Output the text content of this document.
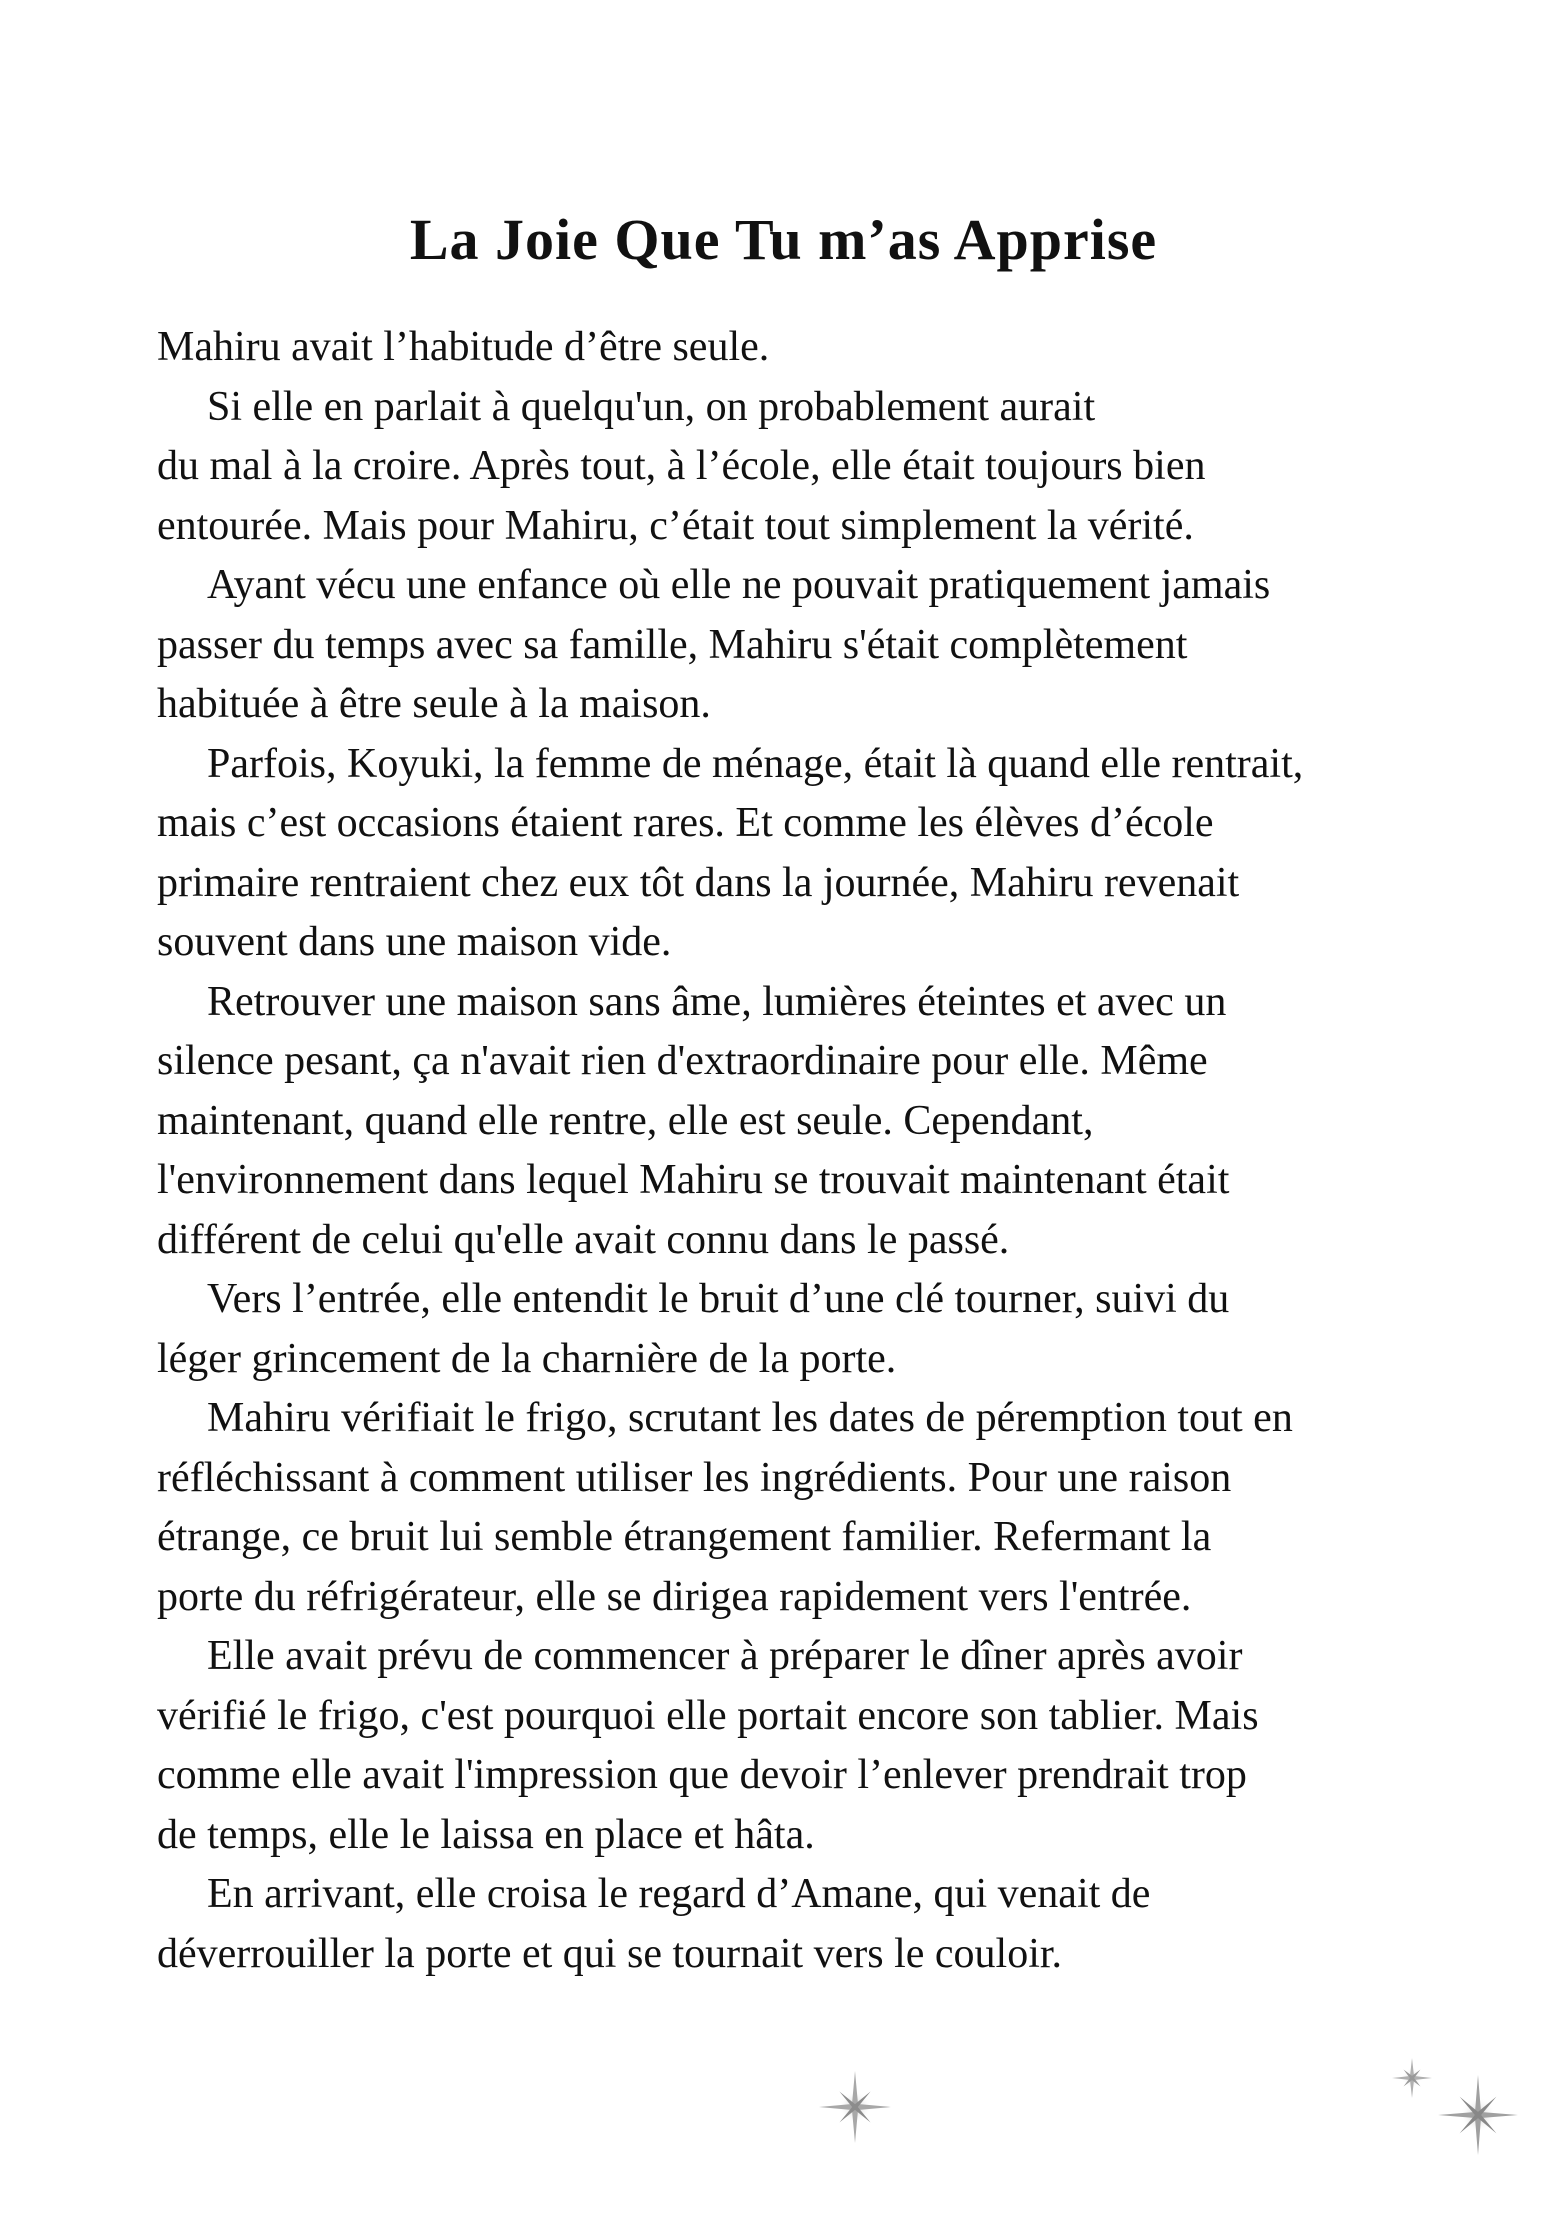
La Joie Que Tu m’as Apprise
Mahiru avait l’habitude d’être seule.
Si elle en parlait à quelqu'un, on probablement aurait
du mal à la croire. Après tout, à l’école, elle était toujours bien
entourée. Mais pour Mahiru, c’était tout simplement la vérité.
Ayant vécu une enfance où elle ne pouvait pratiquement jamais
passer du temps avec sa famille, Mahiru s'était complètement
habituée à être seule à la maison.
Parfois, Koyuki, la femme de ménage, était là quand elle rentrait,
mais c’est occasions étaient rares. Et comme les élèves d’école
primaire rentraient chez eux tôt dans la journée, Mahiru revenait
souvent dans une maison vide.
Retrouver une maison sans âme, lumières éteintes et avec un
silence pesant, ça n'avait rien d'extraordinaire pour elle. Même
maintenant, quand elle rentre, elle est seule. Cependant,
l'environnement dans lequel Mahiru se trouvait maintenant était
différent de celui qu'elle avait connu dans le passé.
Vers l’entrée, elle entendit le bruit d’une clé tourner, suivi du
léger grincement de la charnière de la porte.
Mahiru vérifiait le frigo, scrutant les dates de péremption tout en
réfléchissant à comment utiliser les ingrédients. Pour une raison
étrange, ce bruit lui semble étrangement familier. Refermant la
porte du réfrigérateur, elle se dirigea rapidement vers l'entrée.
Elle avait prévu de commencer à préparer le dîner après avoir
vérifié le frigo, c'est pourquoi elle portait encore son tablier. Mais
comme elle avait l'impression que devoir l’enlever prendrait trop
de temps, elle le laissa en place et hâta.
En arrivant, elle croisa le regard d’Amane, qui venait de
déverrouiller la porte et qui se tournait vers le couloir.
